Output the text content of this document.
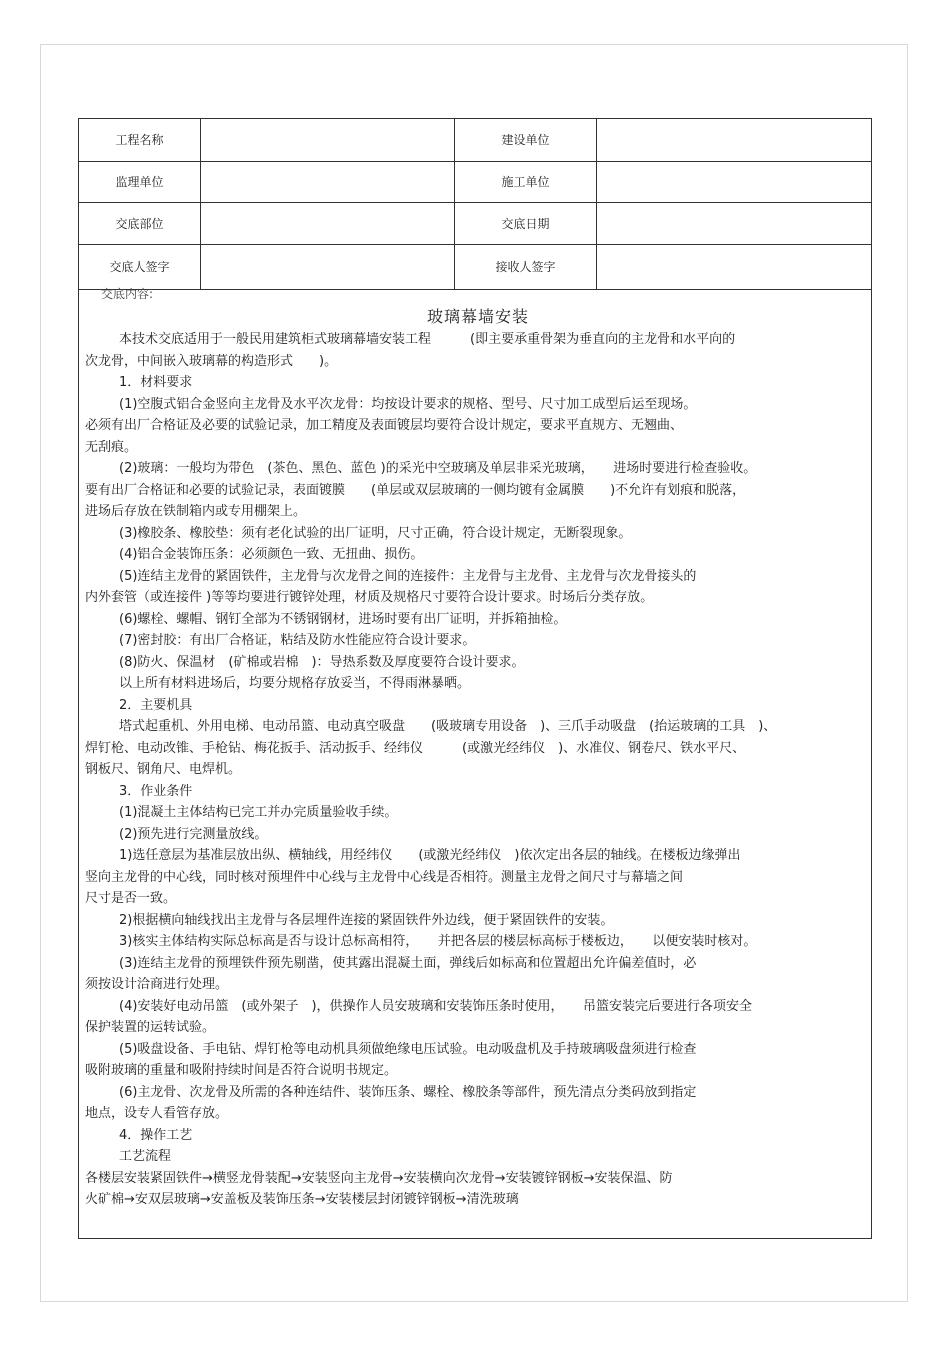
工程名称		建设单位	
监理单位		施工单位	
交底部位		交底日期	
交底人签字		接收人签字	
交底内容:
玻璃幕墙安装

本技术交底适用于一般民用建筑柜式玻璃幕墙安装工程　　　(即主要承重骨架为垂直向的主龙骨和水平向的

次龙骨，中间嵌入玻璃幕的构造形式　　)。

1．材料要求

(1)空腹式铝合金竖向主龙骨及水平次龙骨：均按设计要求的规格、型号、尺寸加工成型后运至现场。

必须有出厂合格证及必要的试验记录，加工精度及表面镀层均要符合设计规定，要求平直规方、无翘曲、

无刮痕。

(2)玻璃：一般均为带色　(茶色、黑色、蓝色 )的采光中空玻璃及单层非采光玻璃，　　进场时要进行检查验收。

要有出厂合格证和必要的试验记录，表面镀膜　　(单层或双层玻璃的一侧均镀有金属膜　　)不允许有划痕和脱落，

进场后存放在铁制箱内或专用棚架上。

(3)橡胶条、橡胶垫：须有老化试验的出厂证明，尺寸正确，符合设计规定，无断裂现象。

(4)铝合金装饰压条：必须颜色一致、无扭曲、损伤。

(5)连结主龙骨的紧固铁件，主龙骨与次龙骨之间的连接件：主龙骨与主龙骨、主龙骨与次龙骨接头的

内外套管（或连接件 )等等均要进行镀锌处理，材质及规格尺寸要符合设计要求。时场后分类存放。

(6)螺栓、螺帽、钢钉全部为不锈钢钢材，进场时要有出厂证明，并拆箱抽检。

(7)密封胶：有出厂合格证，粘结及防水性能应符合设计要求。

(8)防火、保温材　(矿棉或岩棉　)：导热系数及厚度要符合设计要求。

以上所有材料进场后，均要分规格存放妥当，不得雨淋暴晒。

2．主要机具

塔式起重机、外用电梯、电动吊篮、电动真空吸盘　　(吸玻璃专用设备　)、三爪手动吸盘　(抬运玻璃的工具　)、

焊钉枪、电动改锥、手枪钻、梅花扳手、活动扳手、经纬仪　　　(或激光经纬仪　)、水准仪、钢卷尺、铁水平尺、

钢板尺、钢角尺、电焊机。

3．作业条件

(1)混凝土主体结构已完工并办完质量验收手续。

(2)预先进行完测量放线。

1)选任意层为基准层放出纵、横轴线，用经纬仪　　(或激光经纬仪　)依次定出各层的轴线。在楼板边缘弹出

竖向主龙骨的中心线，同时核对预埋件中心线与主龙骨中心线是否相符。测量主龙骨之间尺寸与幕墙之间

尺寸是否一致。

2)根据横向轴线找出主龙骨与各层埋件连接的紧固铁件外边线，便于紧固铁件的安装。

3)核实主体结构实际总标高是否与设计总标高相符，　　并把各层的楼层标高标于楼板边，　　以便安装时核对。

(3)连结主龙骨的预埋铁件预先剔凿，使其露出混凝土面，弹线后如标高和位置超出允许偏差值时，必

须按设计洽商进行处理。

(4)安装好电动吊篮　(或外架子　)，供操作人员安玻璃和安装饰压条时使用，　　吊篮安装完后要进行各项安全

保护装置的运转试验。

(5)吸盘设备、手电钻、焊钉枪等电动机具须做绝缘电压试验。电动吸盘机及手持玻璃吸盘须进行检查

吸附玻璃的重量和吸附持续时间是否符合说明书规定。

(6)主龙骨、次龙骨及所需的各种连结件、装饰压条、螺栓、橡胶条等部件，预先清点分类码放到指定

地点，设专人看管存放。

4．操作工艺

工艺流程

各楼层安装紧固铁件→横竖龙骨装配→安装竖向主龙骨→安装横向次龙骨→安装镀锌钢板→安装保温、防

火矿棉→安双层玻璃→安盖板及装饰压条→安装楼层封闭镀锌钢板→清洗玻璃
